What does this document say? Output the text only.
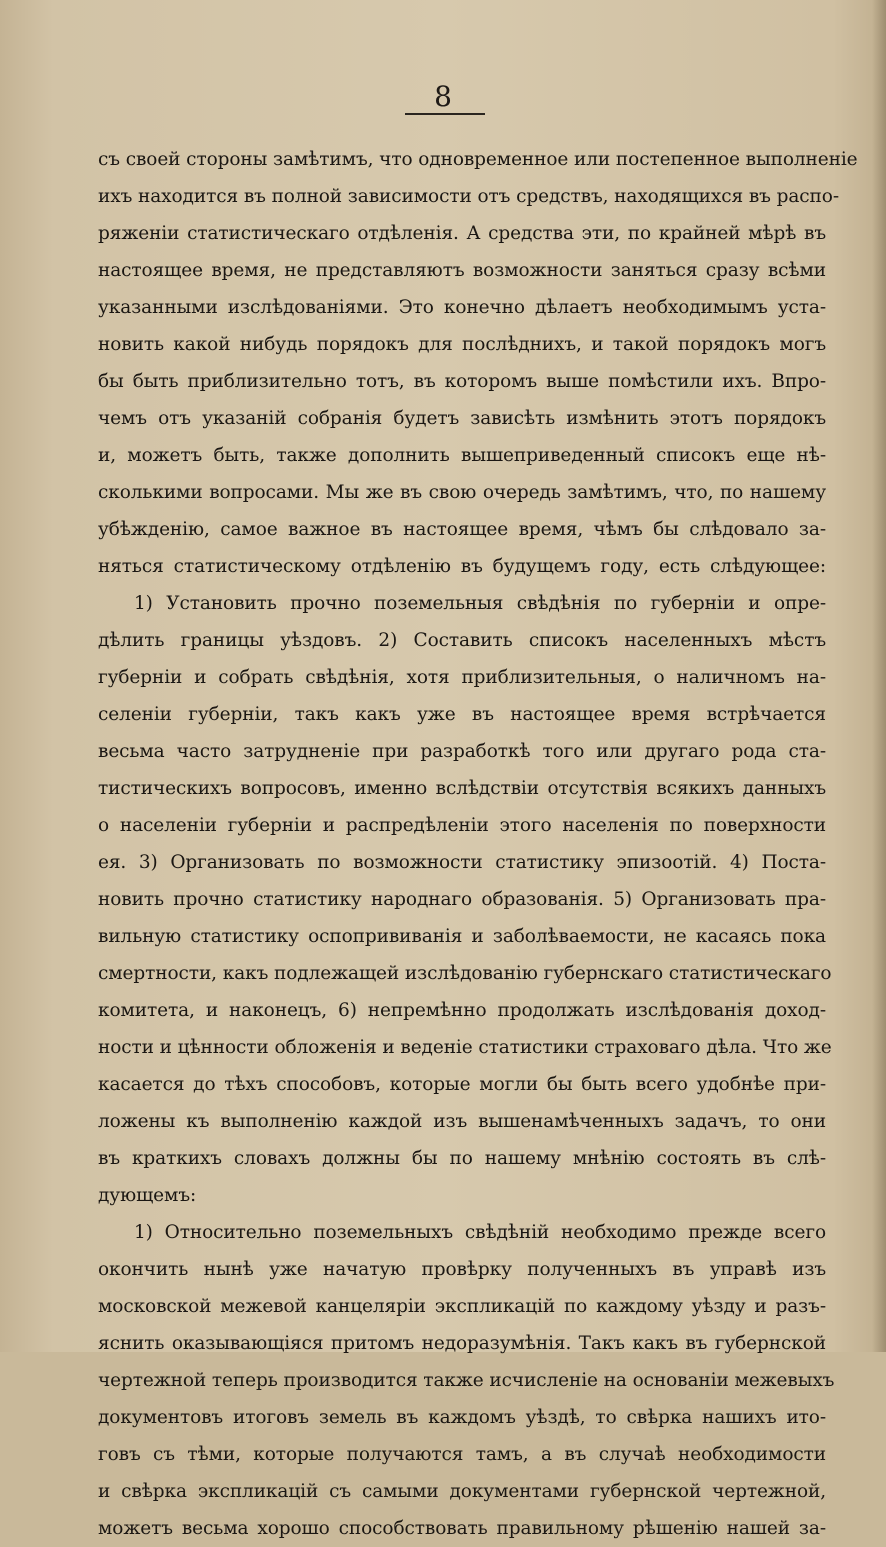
8
съ своей стороны замѣтимъ, что одновременное или постепенное выполненіе
ихъ находится въ полной зависимости отъ средствъ, находящихся въ распо-
ряженіи статистическаго отдѣленія. А средства эти, по крайней мѣрѣ въ
настоящее время, не представляютъ возможности заняться сразу всѣми
указанными изслѣдованіями. Это конечно дѣлаетъ необходимымъ уста-
новить какой нибудь порядокъ для послѣднихъ, и такой порядокъ могъ
бы быть приблизительно тотъ, въ которомъ выше помѣстили ихъ. Впро-
чемъ отъ указаній собранія будетъ зависѣть измѣнить этотъ порядокъ
и, можетъ быть, также дополнить вышеприведенный списокъ еще нѣ-
сколькими вопросами. Мы же въ свою очередь замѣтимъ, что, по нашему
убѣжденію, самое важное въ настоящее время, чѣмъ бы слѣдовало за-
няться статистическому отдѣленію въ будущемъ году, есть слѣдующее:
1) Установить прочно поземельныя свѣдѣнія по губерніи и опре-
дѣлить границы уѣздовъ. 2) Составить списокъ населенныхъ мѣстъ
губерніи и собрать свѣдѣнія, хотя приблизительныя, о наличномъ на-
селеніи губерніи, такъ какъ уже въ настоящее время встрѣчается
весьма часто затрудненіе при разработкѣ того или другаго рода ста-
тистическихъ вопросовъ, именно вслѣдствіи отсутствія всякихъ данныхъ
о населеніи губерніи и распредѣленіи этого населенія по поверхности
ея. 3) Организовать по возможности статистику эпизоотій. 4) Поста-
новить прочно статистику народнаго образованія. 5) Организовать пра-
вильную статистику оспопрививанія и заболѣваемости, не касаясь пока
смертности, какъ подлежащей изслѣдованію губернскаго статистическаго
комитета, и наконецъ, 6) непремѣнно продолжать изслѣдованія доход-
ности и цѣнности обложенія и веденіе статистики страховаго дѣла. Что же
касается до тѣхъ способовъ, которые могли бы быть всего удобнѣе при-
ложены къ выполненію каждой изъ вышенамѣченныхъ задачъ, то они
въ краткихъ словахъ должны бы по нашему мнѣнію состоять въ слѣ-
дующемъ:
1) Относительно поземельныхъ свѣдѣній необходимо прежде всего
окончить нынѣ уже начатую провѣрку полученныхъ въ управѣ изъ
московской межевой канцеляріи экспликацій по каждому уѣзду и разъ-
яснить оказывающіяся притомъ недоразумѣнія. Такъ какъ въ губернской
чертежной теперь производится также исчисленіе на основаніи межевыхъ
документовъ итоговъ земель въ каждомъ уѣздѣ, то свѣрка нашихъ ито-
говъ съ тѣми, которые получаются тамъ, а въ случаѣ необходимости
и свѣрка экспликацій съ самыми документами губернской чертежной,
можетъ весьма хорошо способствовать правильному рѣшенію нашей за-
